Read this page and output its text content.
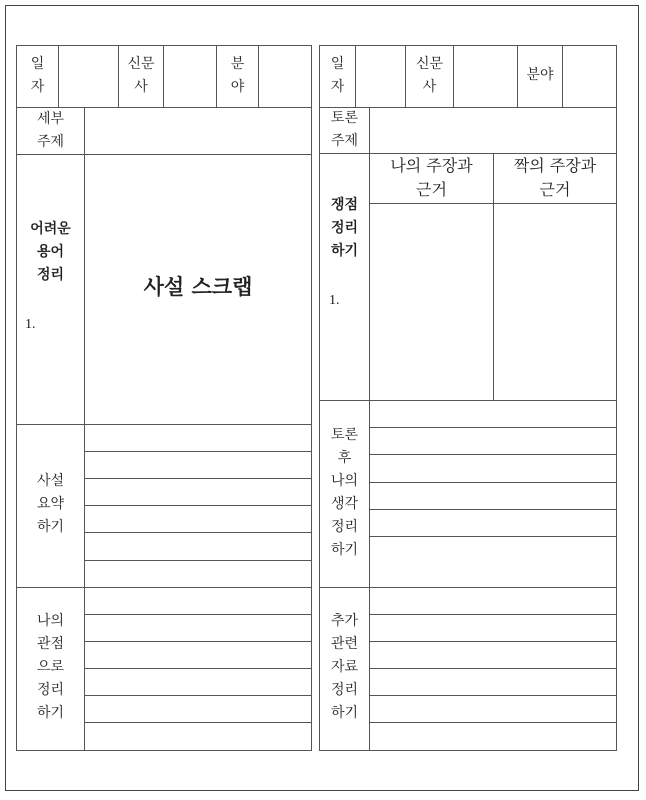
일
자
신문
사
분
야
세부
주제
어려운
용어
정리
1.
사설 스크랩
사설
요약
하기
나의
관점
으로
정리
하기
일
자
신문
사
분야
토론
주제
나의 주장과
근거
짝의 주장과
근거
쟁점
정리
하기
1.
토론
후
나의
생각
정리
하기
추가
관련
자료
정리
하기
